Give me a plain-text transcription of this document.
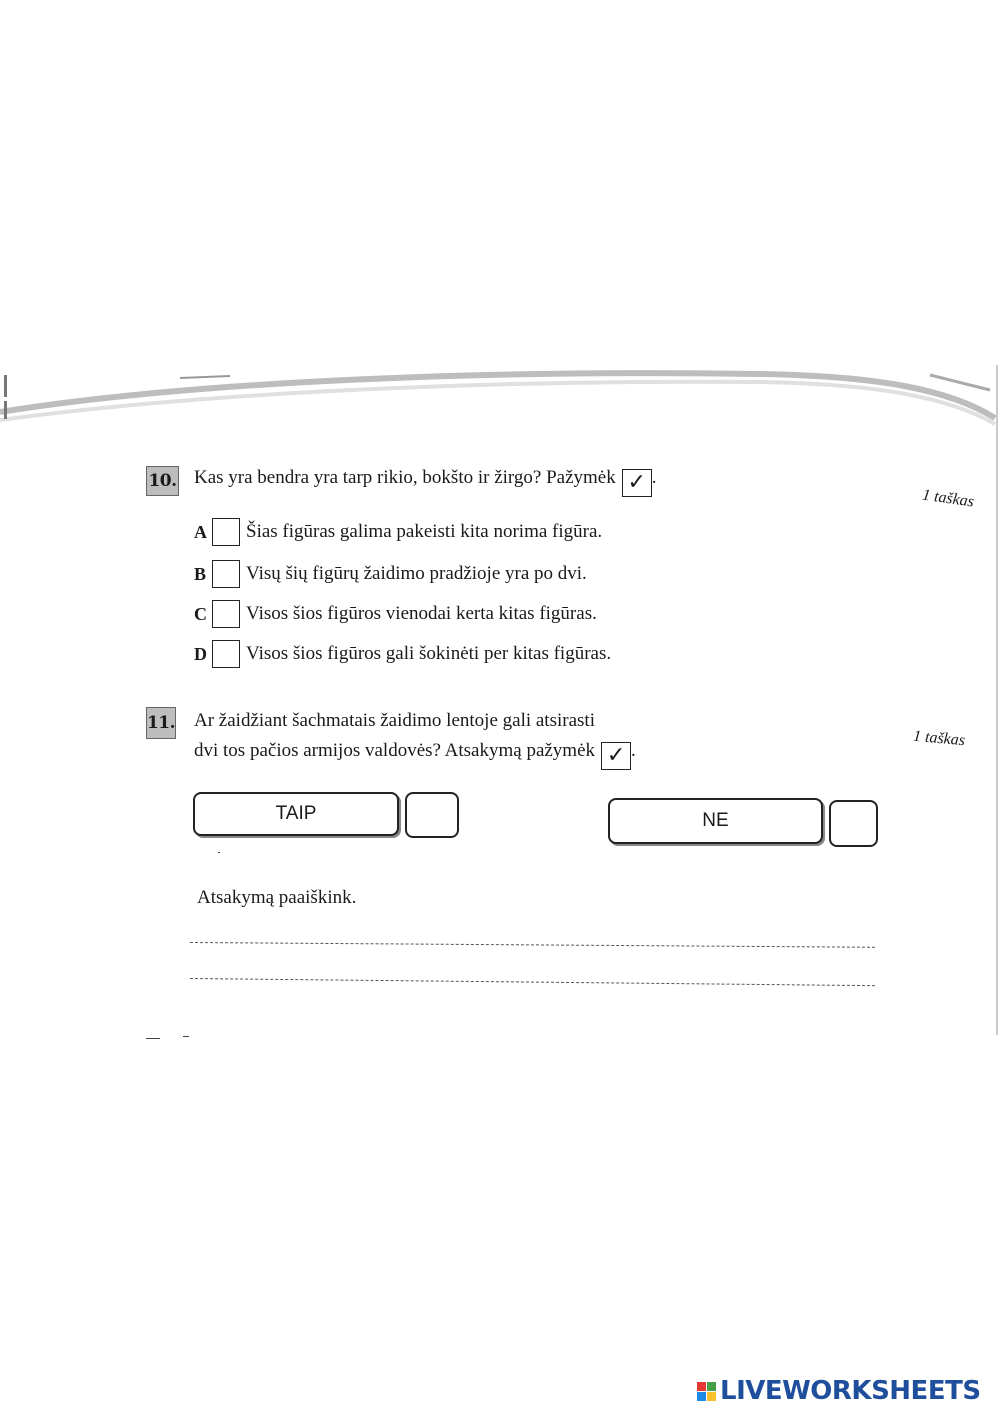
10. Kas yra bendra yra tarp rikio, bokšto ir žirgo? Pažymėk ✓ .
1 taškas
A Šias figūras galima pakeisti kita norima figūra.
B	Visų šių figūrų žaidimo pradžioje yra po dvi.
C Visos šios figūros vienodai kerta kitas figūras.
D Visos šios figūros gali šokinėti per kitas figūras.
11. Ar žaidžiant šachmatais žaidimo lentoje gali atsirasti
dvi tos pačios armijos valdovės? Atsakymą pažymėk ✓ .
1 taškas
TAIP	NE
Atsakymą paaiškink.
LIVEWORKSHEETS
